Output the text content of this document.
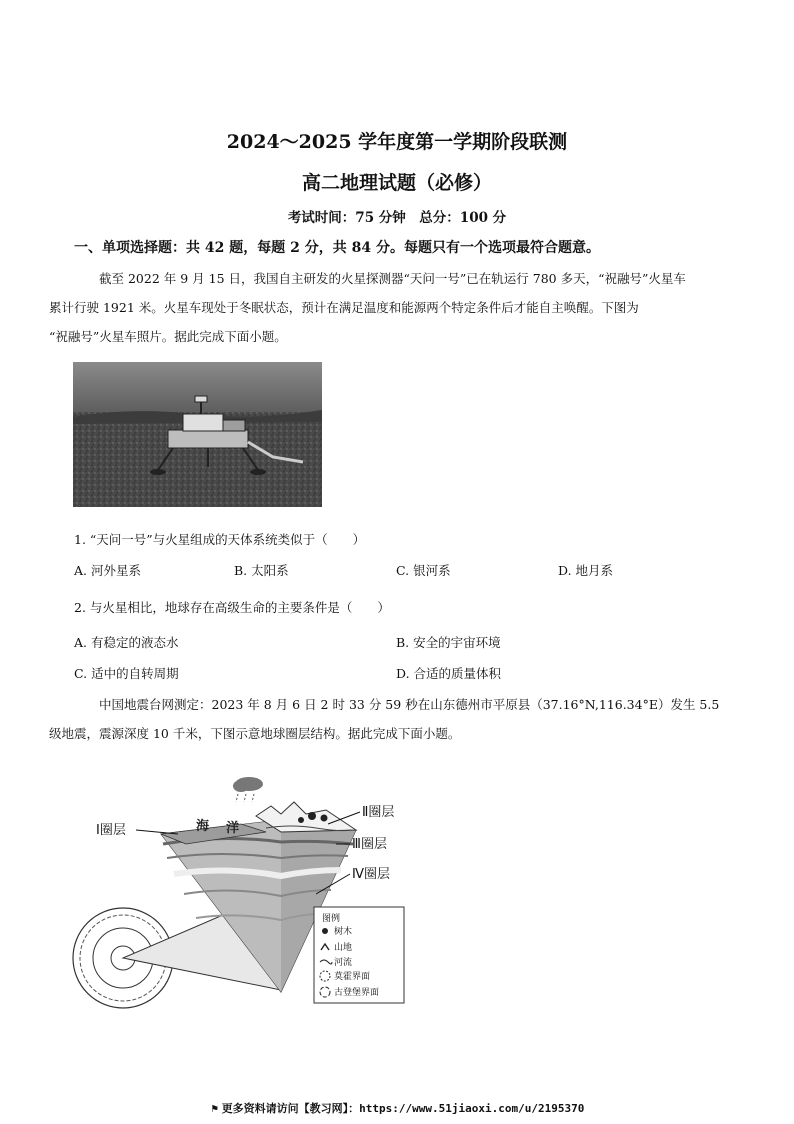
2024～2025 学年度第一学期阶段联测
高二地理试题（必修）
考试时间：75 分钟　总分：100 分
一、单项选择题：共 42 题，每题 2 分，共 84 分。每题只有一个选项最符合题意。
截至 2022 年 9 月 15 日，我国自主研发的火星探测器“天问一号”已在轨运行 780 多天，“祝融号”火星车
累计行驶 1921 米。火星车现处于冬眠状态，预计在满足温度和能源两个特定条件后才能自主唤醒。下图为
“祝融号”火星车照片。据此完成下面小题。
1. “天问一号”与火星组成的天体系统类似于（　　）
A. 河外星系	B. 太阳系	C. 银河系	D. 地月系
2. 与火星相比，地球存在高级生命的主要条件是（　　）
A. 有稳定的液态水	B. 安全的宇宙环境
C. 适中的自转周期	D. 合适的质量体积
中国地震台网测定：2023 年 8 月 6 日 2 时 33 分 59 秒在山东德州市平原县（37.16°N,116.34°E）发生 5.5
级地震，震源深度 10 千米，下图示意地球圈层结构。据此完成下面小题。
海 洋
Ⅰ圈层
Ⅱ圈层
Ⅲ圈层
Ⅳ圈层
图例
树木
山地
河流
莫霍界面
古登堡界面
⚑ 更多资料请访问【教习网】：https://www.51jiaoxi.com/u/2195370
